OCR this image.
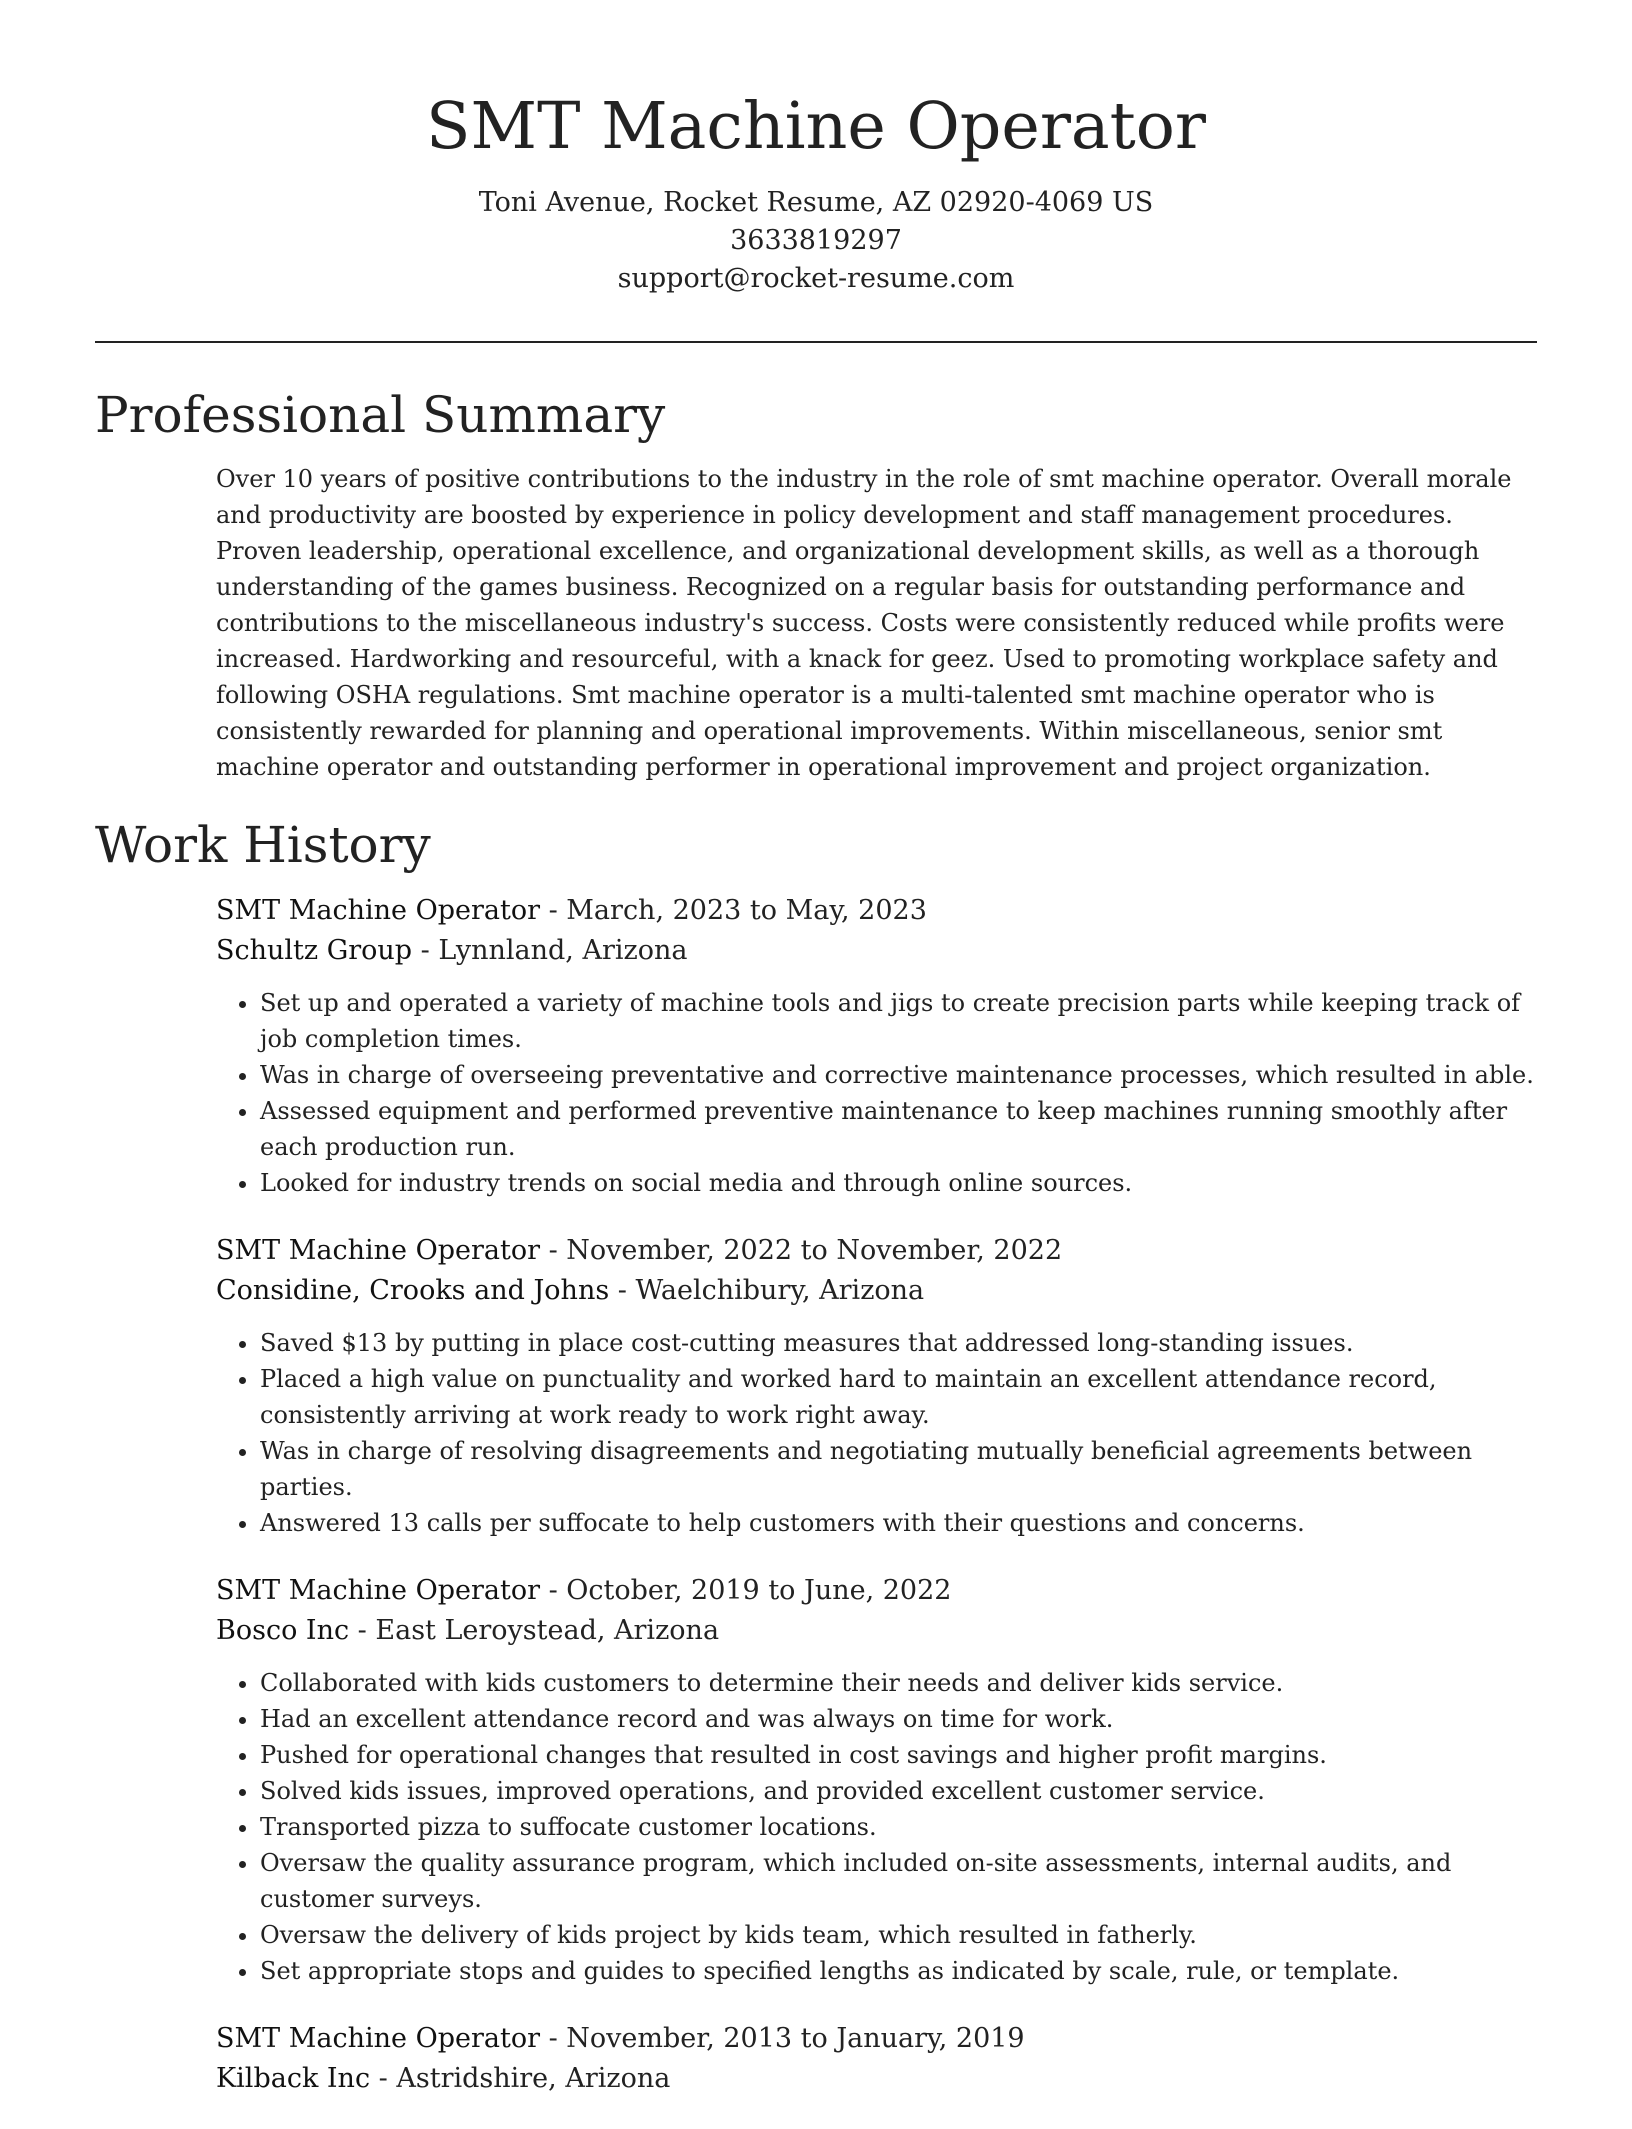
SMT Machine Operator

Toni Avenue, Rocket Resume, AZ 02920-4069 US

3633819297

support@rocket-resume.com

Professional Summary

Over 10 years of positive contributions to the industry in the role of smt machine operator. Overall morale and productivity are boosted by experience in policy development and staff management procedures. Proven leadership, operational excellence, and organizational development skills, as well as a thorough understanding of the games business. Recognized on a regular basis for outstanding performance and contributions to the miscellaneous industry's success. Costs were consistently reduced while profits were increased. Hardworking and resourceful, with a knack for geez. Used to promoting workplace safety and following OSHA regulations. Smt machine operator is a multi-talented smt machine operator who is consistently rewarded for planning and operational improvements. Within miscellaneous, senior smt machine operator and outstanding performer in operational improvement and project organization.

Work History

SMT Machine Operator - March, 2023 to May, 2023

Schultz Group - Lynnland, Arizona

• Set up and operated a variety of machine tools and jigs to create precision parts while keeping track of job completion times.
• Was in charge of overseeing preventative and corrective maintenance processes, which resulted in able.
• Assessed equipment and performed preventive maintenance to keep machines running smoothly after each production run.
• Looked for industry trends on social media and through online sources.

SMT Machine Operator - November, 2022 to November, 2022

Considine, Crooks and Johns - Waelchibury, Arizona

• Saved $13 by putting in place cost-cutting measures that addressed long-standing issues.
• Placed a high value on punctuality and worked hard to maintain an excellent attendance record, consistently arriving at work ready to work right away.
• Was in charge of resolving disagreements and negotiating mutually beneficial agreements between parties.
• Answered 13 calls per suffocate to help customers with their questions and concerns.

SMT Machine Operator - October, 2019 to June, 2022

Bosco Inc - East Leroystead, Arizona

• Collaborated with kids customers to determine their needs and deliver kids service.
• Had an excellent attendance record and was always on time for work.
• Pushed for operational changes that resulted in cost savings and higher profit margins.
• Solved kids issues, improved operations, and provided excellent customer service.
• Transported pizza to suffocate customer locations.
• Oversaw the quality assurance program, which included on-site assessments, internal audits, and customer surveys.
• Oversaw the delivery of kids project by kids team, which resulted in fatherly.
• Set appropriate stops and guides to specified lengths as indicated by scale, rule, or template.

SMT Machine Operator - November, 2013 to January, 2019

Kilback Inc - Astridshire, Arizona
